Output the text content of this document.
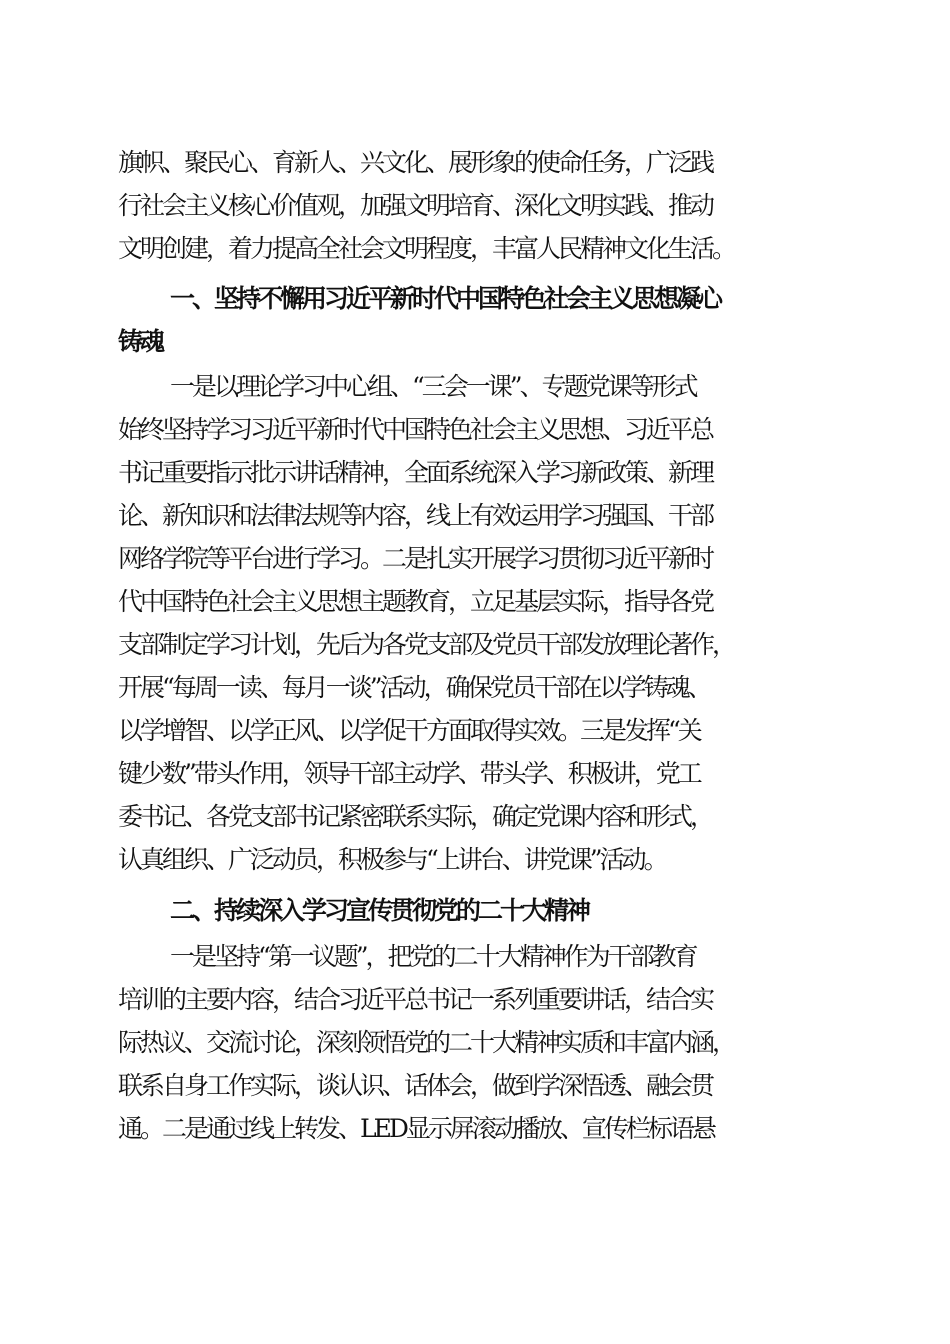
旗帜、聚民心、育新人、兴文化、展形象的使命任务，广泛践
行社会主义核心价值观，加强文明培育、深化文明实践、推动
文明创建，着力提高全社会文明程度，丰富人民精神文化生活。
一、坚持不懈用习近平新时代中国特色社会主义思想凝心
铸魂
一是以理论学习中心组、“三会一课”、专题党课等形式
始终坚持学习习近平新时代中国特色社会主义思想、习近平总
书记重要指示批示讲话精神，全面系统深入学习新政策、新理
论、新知识和法律法规等内容，线上有效运用学习强国、干部
网络学院等平台进行学习。二是扎实开展学习贯彻习近平新时
代中国特色社会主义思想主题教育，立足基层实际，指导各党
支部制定学习计划，先后为各党支部及党员干部发放理论著作，
开展“每周一读、每月一谈”活动，确保党员干部在以学铸魂、
以学增智、以学正风、以学促干方面取得实效。三是发挥“关
键少数”带头作用，领导干部主动学、带头学、积极讲，党工
委书记、各党支部书记紧密联系实际，确定党课内容和形式，
认真组织、广泛动员，积极参与“上讲台、讲党课”活动。
二、持续深入学习宣传贯彻党的二十大精神
一是坚持“第一议题”，把党的二十大精神作为干部教育
培训的主要内容，结合习近平总书记一系列重要讲话，结合实
际热议、交流讨论，深刻领悟党的二十大精神实质和丰富内涵，
联系自身工作实际，谈认识、话体会，做到学深悟透、融会贯
通。二是通过线上转发、LED显示屏滚动播放、宣传栏标语悬
